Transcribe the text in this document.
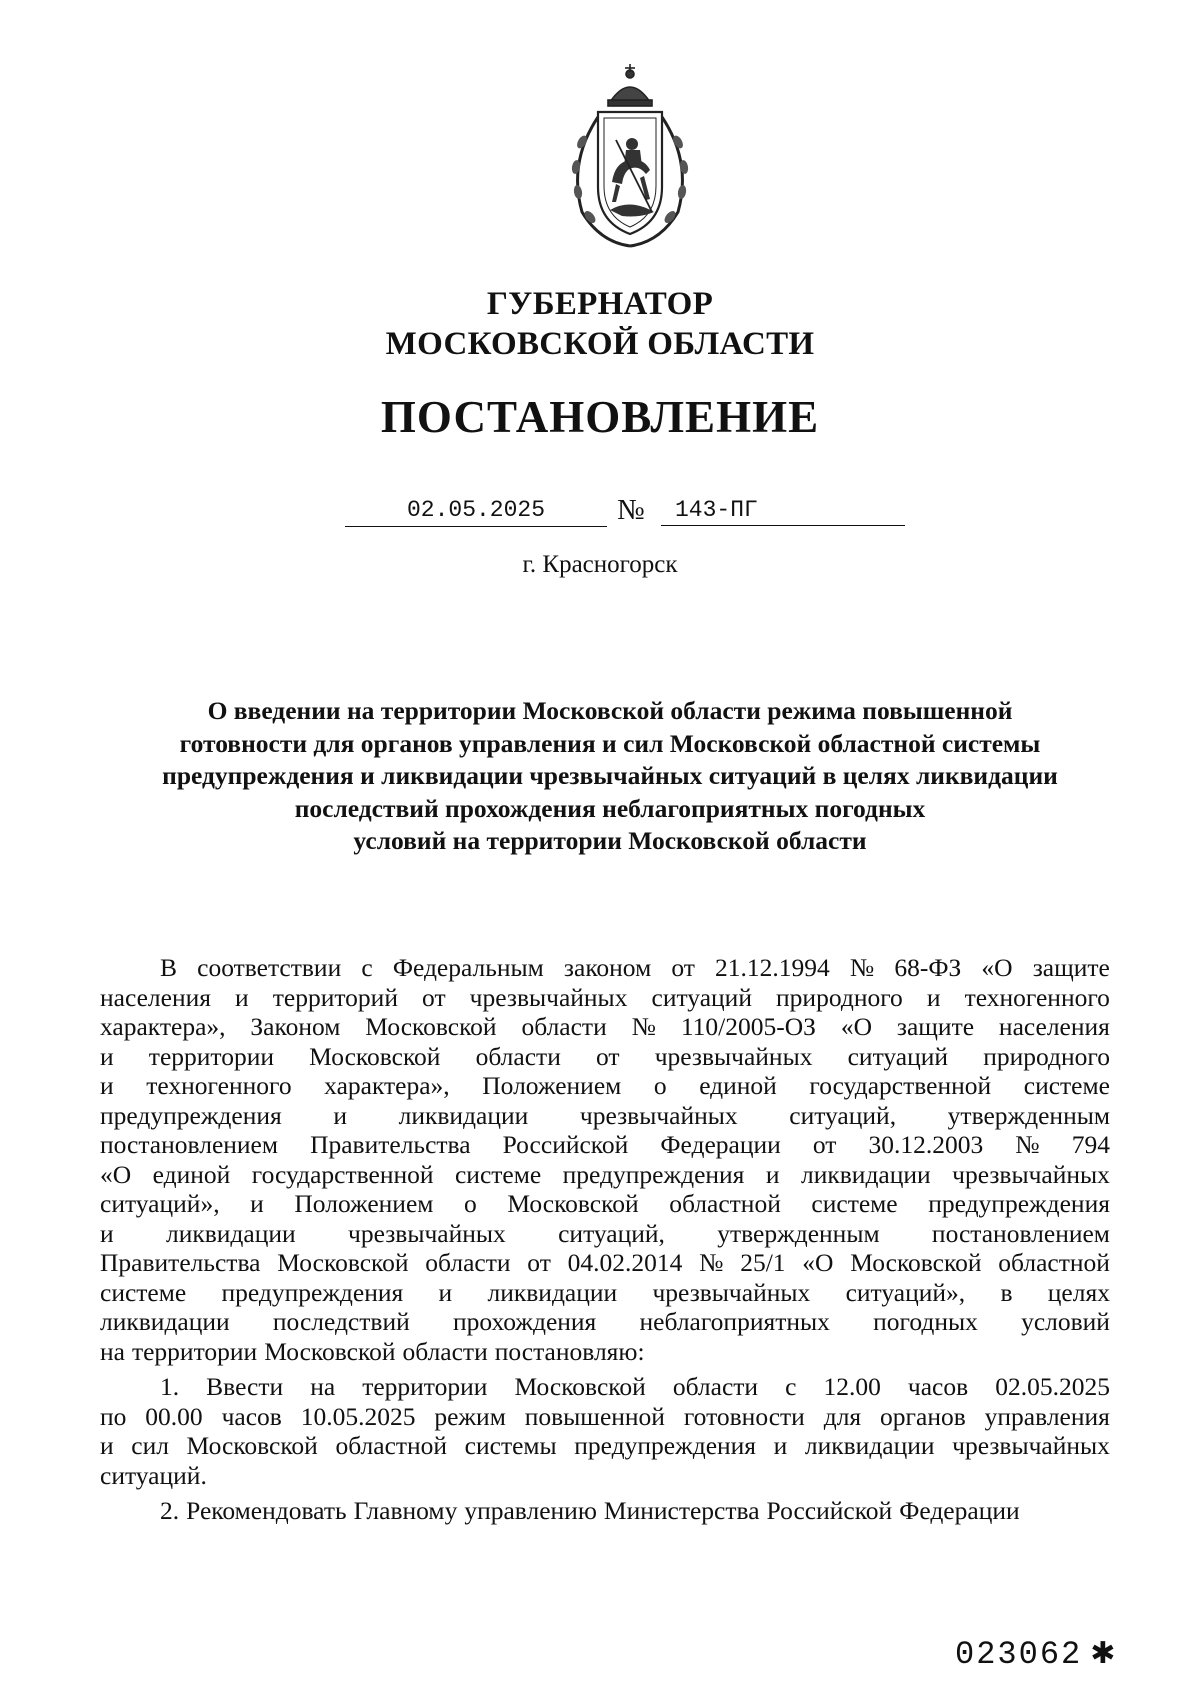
ГУБЕРНАТОР
МОСКОВСКОЙ ОБЛАСТИ
ПОСТАНОВЛЕНИЕ
02.05.2025	№	143-ПГ
г. Красногорск
О введении на территории Московской области режима повышенной
готовности для органов управления и сил Московской областной системы
предупреждения и ликвидации чрезвычайных ситуаций в целях ликвидации
последствий прохождения неблагоприятных погодных
условий на территории Московской области

В соответствии с Федеральным законом от 21.12.1994 № 68-ФЗ «О защите
населения и территорий от чрезвычайных ситуаций природного и техногенного
характера», Законом Московской области № 110/2005-ОЗ «О защите населения
и территории Московской области от чрезвычайных ситуаций природного
и техногенного характера», Положением о единой государственной системе
предупреждения и ликвидации чрезвычайных ситуаций, утвержденным
постановлением Правительства Российской Федерации от 30.12.2003 № 794
«О единой государственной системе предупреждения и ликвидации чрезвычайных
ситуаций», и Положением о Московской областной системе предупреждения
и ликвидации чрезвычайных ситуаций, утвержденным постановлением
Правительства Московской области от 04.02.2014 № 25/1 «О Московской областной
системе предупреждения и ликвидации чрезвычайных ситуаций», в целях
ликвидации последствий прохождения неблагоприятных погодных условий
на территории Московской области постановляю:

1. Ввести на территории Московской области с 12.00 часов 02.05.2025
по 00.00 часов 10.05.2025 режим повышенной готовности для органов управления
и сил Московской областной системы предупреждения и ликвидации чрезвычайных
ситуаций.

2. Рекомендовать Главному управлению Министерства Российской Федерации

023062 ✱
